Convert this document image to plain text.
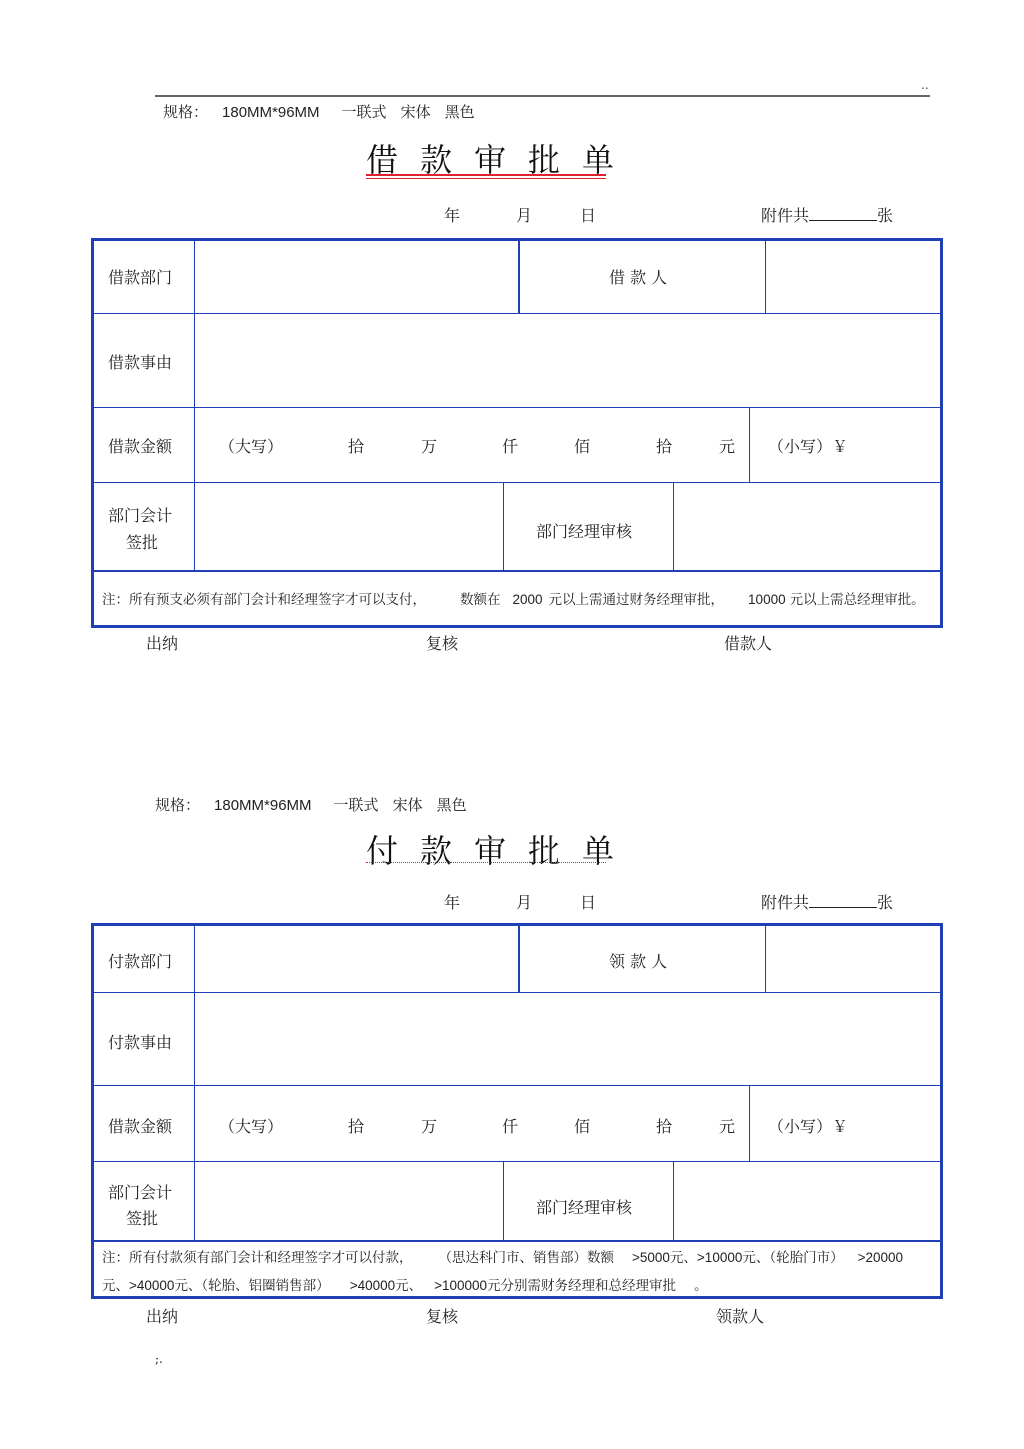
..
规格： 180MM*96MM 一联式 宋体 黑色
借款审批单
年	月	日	附件共	张
借款部门	借 款 人
借款事由
借款金额	（大写）	拾	万	仟	佰	拾	元 （小写）￥
部门会计
签批
部门经理审核
注：所有预支必须有部门会计和经理签字才可以支付，	数额在 2000 元以上需通过财务经理审批， 10000 元以上需总经理审批。
出纳	复核	借款人
规格： 180MM*96MM 一联式 宋体 黑色
付款审批单
年	月	日	附件共	张
付款部门	领 款 人
付款事由
借款金额	（大写）	拾	万	仟	佰	拾	元 （小写）￥
部门会计
签批
部门经理审核
注：所有付款须有部门会计和经理签字才可以付款， （思达科门市、销售部）数额 >5000元、>10000元、（轮胎门市） >20000
元、>40000元、（轮胎、铝圈销售部） >40000元、 >100000元分别需财务经理和总经理审批 。
出纳	复核	领款人
;.
